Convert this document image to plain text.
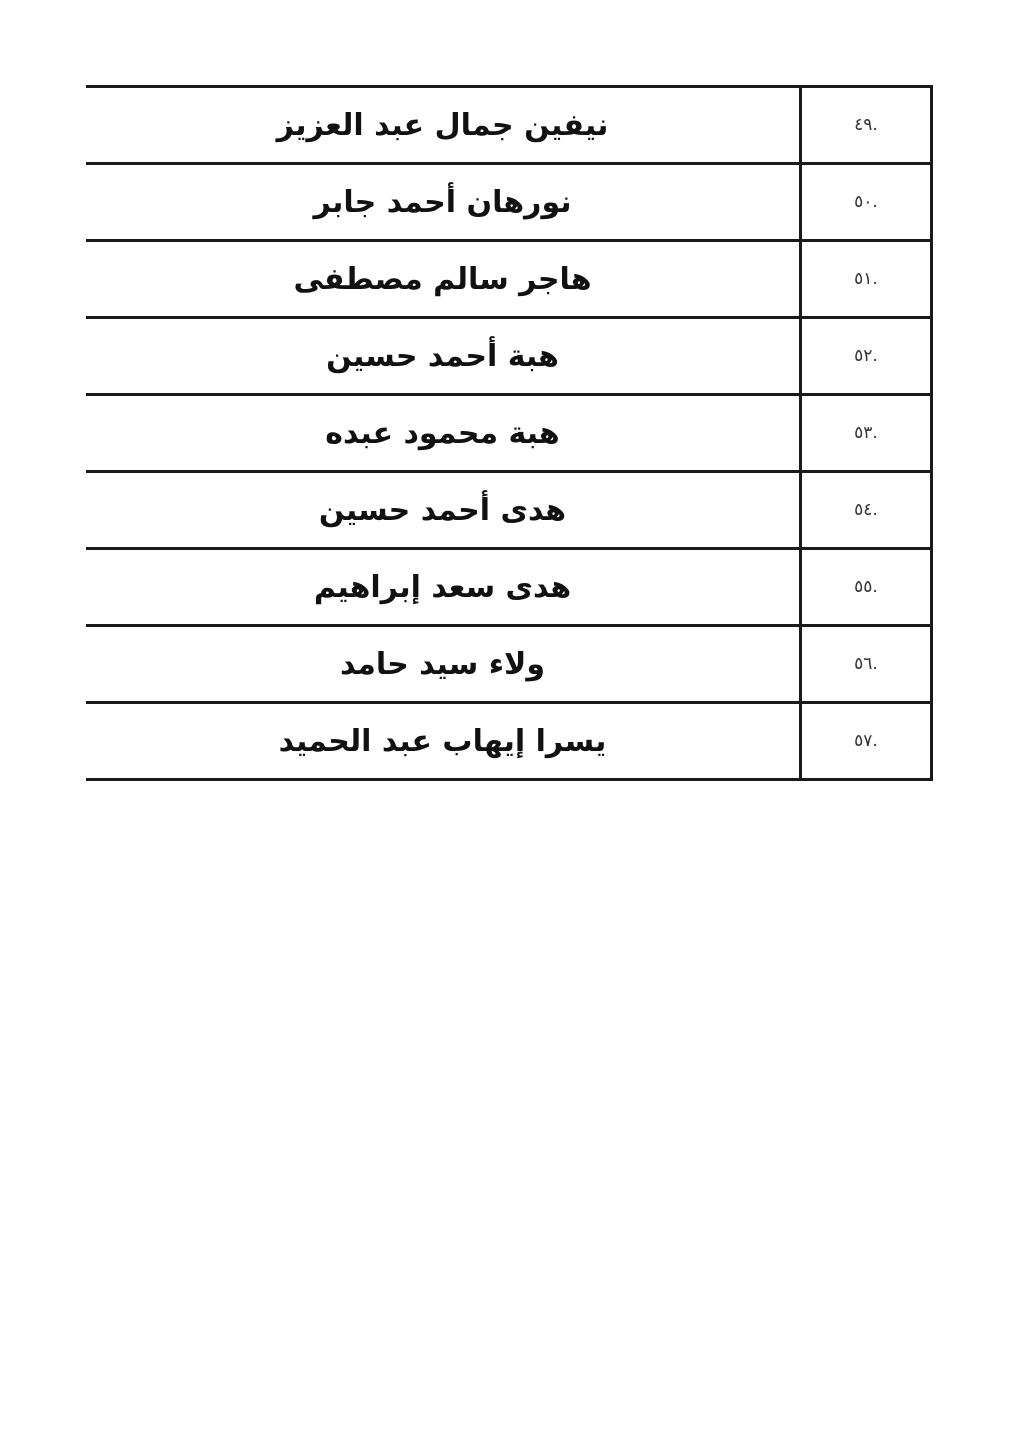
.٤٩	نيفين جمال عبد العزيز
.٥٠	نورهان أحمد جابر
.٥١	هاجر سالم مصطفى
.٥٢	هبة أحمد حسين
.٥٣	هبة محمود عبده
.٥٤	هدى أحمد حسين
.٥٥	هدى سعد إبراهيم
.٥٦	ولاء سيد حامد
.٥٧	يسرا إيهاب عبد الحميد
